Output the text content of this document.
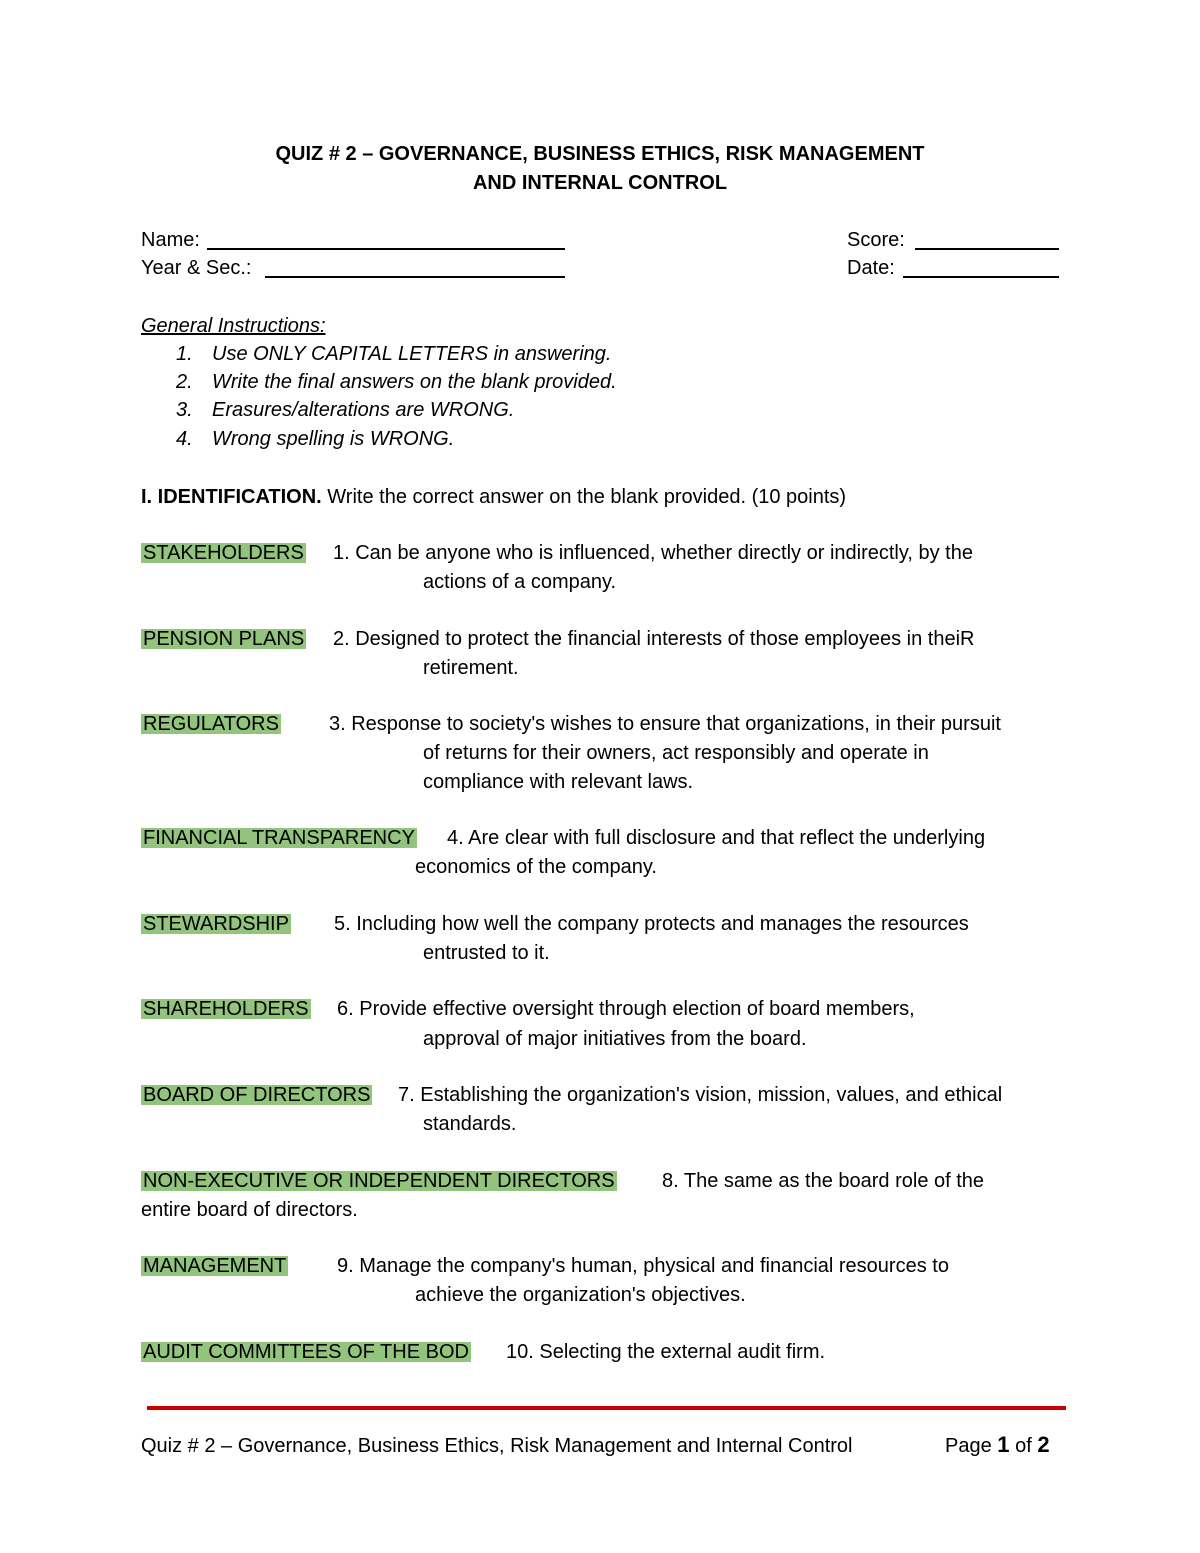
QUIZ # 2 – GOVERNANCE, BUSINESS ETHICS, RISK MANAGEMENT
AND INTERNAL CONTROL
Name:	Score:
Year & Sec.:	Date:
General Instructions:
1. Use ONLY CAPITAL LETTERS in answering.
2. Write the final answers on the blank provided.
3. Erasures/alterations are WRONG.
4. Wrong spelling is WRONG.
I. IDENTIFICATION. Write the correct answer on the blank provided. (10 points)
STAKEHOLDERS 1. Can be anyone who is influenced, whether directly or indirectly, by the
actions of a company.
PENSION PLANS 2. Designed to protect the financial interests of those employees in theiR
retirement.
REGULATORS	3. Response to society's wishes to ensure that organizations, in their pursuit
of returns for their owners, act responsibly and operate in
compliance with relevant laws.
FINANCIAL TRANSPARENCY 4. Are clear with full disclosure and that reflect the underlying
economics of the company.
STEWARDSHIP 5. Including how well the company protects and manages the resources
entrusted to it.
SHAREHOLDERS 6. Provide effective oversight through election of board members,
approval of major initiatives from the board.
BOARD OF DIRECTORS 7. Establishing the organization's vision, mission, values, and ethical
standards.
NON-EXECUTIVE OR INDEPENDENT DIRECTORS 8. The same as the board role of the
entire board of directors.
MANAGEMENT	9. Manage the company's human, physical and financial resources to
achieve the organization's objectives.
AUDIT COMMITTEES OF THE BOD 10. Selecting the external audit firm.
Quiz # 2 – Governance, Business Ethics, Risk Management and Internal Control	Page 1 of 2
